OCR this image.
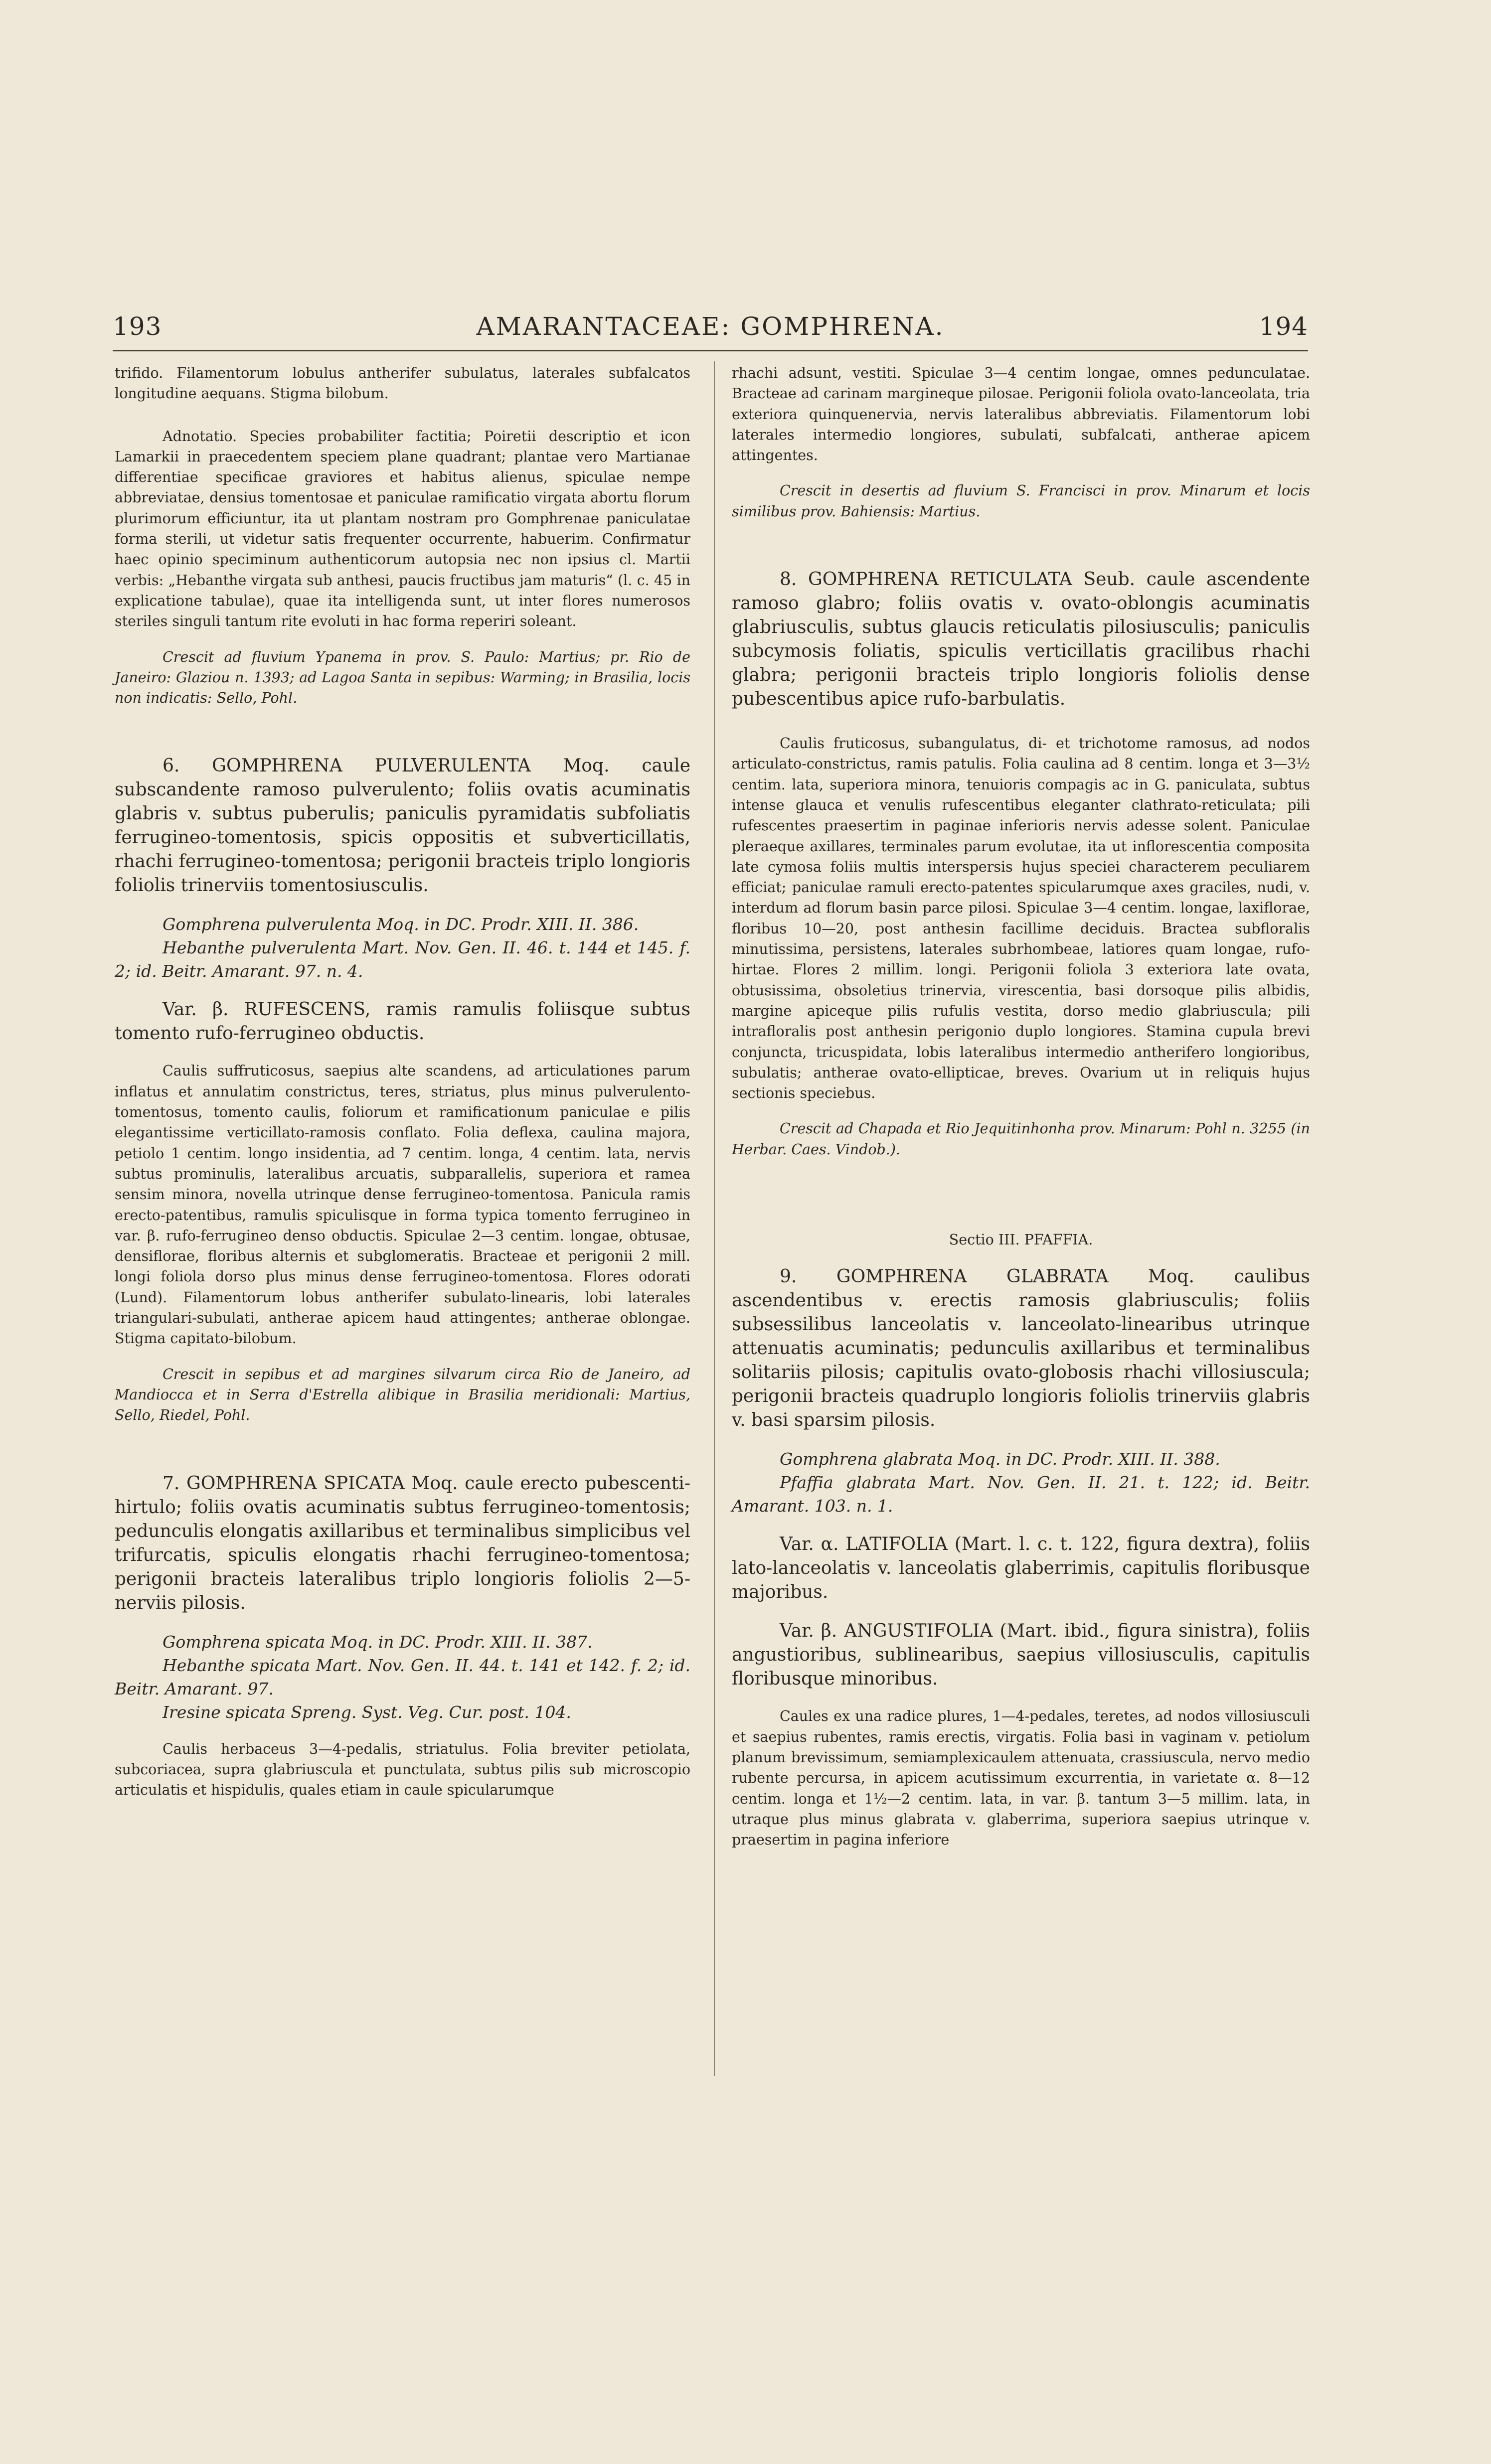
193	AMARANTACEAE: GOMPHRENA.	194

trifido. Filamentorum lobulus antherifer subulatus, laterales subfalcatos longitudine aequans. Stigma bilobum.

Adnotatio. Species probabiliter factitia; Poiretii descriptio et icon Lamarkii in praecedentem speciem plane quadrant; plantae vero Martianae differentiae specificae graviores et habitus alienus, spiculae nempe abbreviatae, densius tomentosae et paniculae ramificatio virgata abortu florum plurimorum efficiuntur, ita ut plantam nostram pro Gomphrenae paniculatae forma sterili, ut videtur satis frequenter occurrente, habuerim. Confirmatur haec opinio speciminum authenticorum autopsia nec non ipsius cl. Martii verbis: „Hebanthe virgata sub anthesi, paucis fructibus jam maturis“ (l. c. 45 in explicatione tabulae), quae ita intelligenda sunt, ut inter flores numerosos steriles singuli tantum rite evoluti in hac forma reperiri soleant.

Crescit ad fluvium Ypanema in prov. S. Paulo: Martius; pr. Rio de Janeiro: Glaziou n. 1393; ad Lagoa Santa in sepibus: Warming; in Brasilia, locis non indicatis: Sello, Pohl.

6. GOMPHRENA PULVERULENTA Moq. caule subscandente ramoso pulverulento; foliis ovatis acuminatis glabris v. subtus puberulis; paniculis pyramidatis subfoliatis ferrugineo-tomentosis, spicis oppositis et subverticillatis, rhachi ferrugineo-tomentosa; perigonii bracteis triplo longioris foliolis trinerviis tomentosiusculis.

Gomphrena pulverulenta Moq. in DC. Prodr. XIII. II. 386.

Hebanthe pulverulenta Mart. Nov. Gen. II. 46. t. 144 et 145. f. 2; id. Beitr. Amarant. 97. n. 4.

Var. β. RUFESCENS, ramis ramulis foliisque subtus tomento rufo-ferrugineo obductis.

Caulis suffruticosus, saepius alte scandens, ad articulationes parum inflatus et annulatim constrictus, teres, striatus, plus minus pulverulento-tomentosus, tomento caulis, foliorum et ramificationum paniculae e pilis elegantissime verticillato-ramosis conflato. Folia deflexa, caulina majora, petiolo 1 centim. longo insidentia, ad 7 centim. longa, 4 centim. lata, nervis subtus prominulis, lateralibus arcuatis, subparallelis, superiora et ramea sensim minora, novella utrinque dense ferrugineo-tomentosa. Panicula ramis erecto-patentibus, ramulis spiculisque in forma typica tomento ferrugineo in var. β. rufo-ferrugineo denso obductis. Spiculae 2—3 centim. longae, obtusae, densiflorae, floribus alternis et subglomeratis. Bracteae et perigonii 2 mill. longi foliola dorso plus minus dense ferrugineo-tomentosa. Flores odorati (Lund). Filamentorum lobus antherifer subulato-linearis, lobi laterales triangulari-subulati, antherae apicem haud attingentes; antherae oblongae. Stigma capitato-bilobum.

Crescit in sepibus et ad margines silvarum circa Rio de Janeiro, ad Mandiocca et in Serra d'Estrella alibique in Brasilia meridionali: Martius, Sello, Riedel, Pohl.

7. GOMPHRENA SPICATA Moq. caule erecto pubescenti-hirtulo; foliis ovatis acuminatis subtus ferrugineo-tomentosis; pedunculis elongatis axillaribus et terminalibus simplicibus vel trifurcatis, spiculis elongatis rhachi ferrugineo-tomentosa; perigonii bracteis lateralibus triplo longioris foliolis 2—5-nerviis pilosis.

Gomphrena spicata Moq. in DC. Prodr. XIII. II. 387.

Hebanthe spicata Mart. Nov. Gen. II. 44. t. 141 et 142. f. 2; id. Beitr. Amarant. 97.

Iresine spicata Spreng. Syst. Veg. Cur. post. 104.

Caulis herbaceus 3—4-pedalis, striatulus. Folia breviter petiolata, subcoriacea, supra glabriuscula et punctulata, subtus pilis sub microscopio articulatis et hispidulis, quales etiam in caule spicularumque

rhachi adsunt, vestiti. Spiculae 3—4 centim longae, omnes pedunculatae. Bracteae ad carinam margineque pilosae. Perigonii foliola ovato-lanceolata, tria exteriora quinquenervia, nervis lateralibus abbreviatis. Filamentorum lobi laterales intermedio longiores, subulati, subfalcati, antherae apicem attingentes.

Crescit in desertis ad fluvium S. Francisci in prov. Minarum et locis similibus prov. Bahiensis: Martius.

8. GOMPHRENA RETICULATA Seub. caule ascendente ramoso glabro; foliis ovatis v. ovato-oblongis acuminatis glabriusculis, subtus glaucis reticulatis pilosiusculis; paniculis subcymosis foliatis, spiculis verticillatis gracilibus rhachi glabra; perigonii bracteis triplo longioris foliolis dense pubescentibus apice rufo-barbulatis.

Caulis fruticosus, subangulatus, di- et trichotome ramosus, ad nodos articulato-constrictus, ramis patulis. Folia caulina ad 8 centim. longa et 3—3½ centim. lata, superiora minora, tenuioris compagis ac in G. paniculata, subtus intense glauca et venulis rufescentibus eleganter clathrato-reticulata; pili rufescentes praesertim in paginae inferioris nervis adesse solent. Paniculae pleraeque axillares, terminales parum evolutae, ita ut inflorescentia composita late cymosa foliis multis interspersis hujus speciei characterem peculiarem efficiat; paniculae ramuli erecto-patentes spicularumque axes graciles, nudi, v. interdum ad florum basin parce pilosi. Spiculae 3—4 centim. longae, laxiflorae, floribus 10—20, post anthesin facillime deciduis. Bractea subfloralis minutissima, persistens, laterales subrhombeae, latiores quam longae, rufo-hirtae. Flores 2 millim. longi. Perigonii foliola 3 exteriora late ovata, obtusissima, obsoletius trinervia, virescentia, basi dorsoque pilis albidis, margine apiceque pilis rufulis vestita, dorso medio glabriuscula; pili intrafloralis post anthesin perigonio duplo longiores. Stamina cupula brevi conjuncta, tricuspidata, lobis lateralibus intermedio antherifero longioribus, subulatis; antherae ovato-ellipticae, breves. Ovarium ut in reliquis hujus sectionis speciebus.

Crescit ad Chapada et Rio Jequitinhonha prov. Minarum: Pohl n. 3255 (in Herbar. Caes. Vindob.).

Sectio III. PFAFFIA.

9. GOMPHRENA GLABRATA Moq. caulibus ascendentibus v. erectis ramosis glabriusculis; foliis subsessilibus lanceolatis v. lanceolato-linearibus utrinque attenuatis acuminatis; pedunculis axillaribus et terminalibus solitariis pilosis; capitulis ovato-globosis rhachi villosiuscula; perigonii bracteis quadruplo longioris foliolis trinerviis glabris v. basi sparsim pilosis.

Gomphrena glabrata Moq. in DC. Prodr. XIII. II. 388.

Pfaffia glabrata Mart. Nov. Gen. II. 21. t. 122; id. Beitr. Amarant. 103. n. 1.

Var. α. LATIFOLIA (Mart. l. c. t. 122, figura dextra), foliis lato-lanceolatis v. lanceolatis glaberrimis, capitulis floribusque majoribus.

Var. β. ANGUSTIFOLIA (Mart. ibid., figura sinistra), foliis angustioribus, sublinearibus, saepius villosiusculis, capitulis floribusque minoribus.

Caules ex una radice plures, 1—4-pedales, teretes, ad nodos villosiusculi et saepius rubentes, ramis erectis, virgatis. Folia basi in vaginam v. petiolum planum brevissimum, semiamplexicaulem attenuata, crassiuscula, nervo medio rubente percursa, in apicem acutissimum excurrentia, in varietate α. 8—12 centim. longa et 1½—2 centim. lata, in var. β. tantum 3—5 millim. lata, in utraque plus minus glabrata v. glaberrima, superiora saepius utrinque v. praesertim in pagina inferiore
